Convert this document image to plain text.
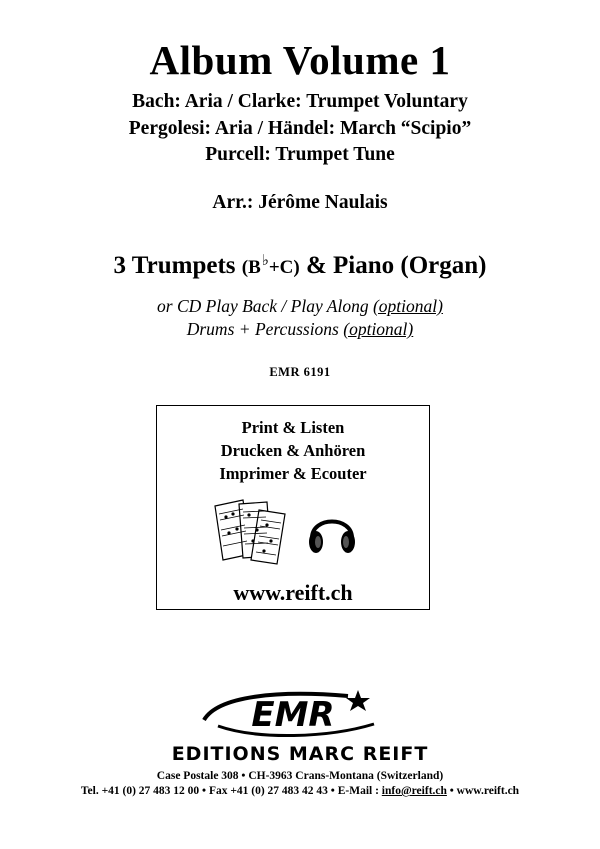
Album Volume 1
Bach: Aria / Clarke: Trumpet Voluntary
Pergolesi: Aria / Händel: March “Scipio”
Purcell: Trumpet Tune
Arr.: Jérôme Naulais
3 Trumpets (B♭+C) & Piano (Organ)
or CD Play Back / Play Along (optional)
Drums + Percussions (optional)
EMR 6191
Print & Listen
Drucken & Anhören
Imprimer & Ecouter
www.reift.ch
EMR
EDITIONS MARC REIFT
Case Postale 308 • CH-3963 Crans-Montana (Switzerland)
Tel. +41 (0) 27 483 12 00 • Fax +41 (0) 27 483 42 43 • E-Mail : info@reift.ch • www.reift.ch
